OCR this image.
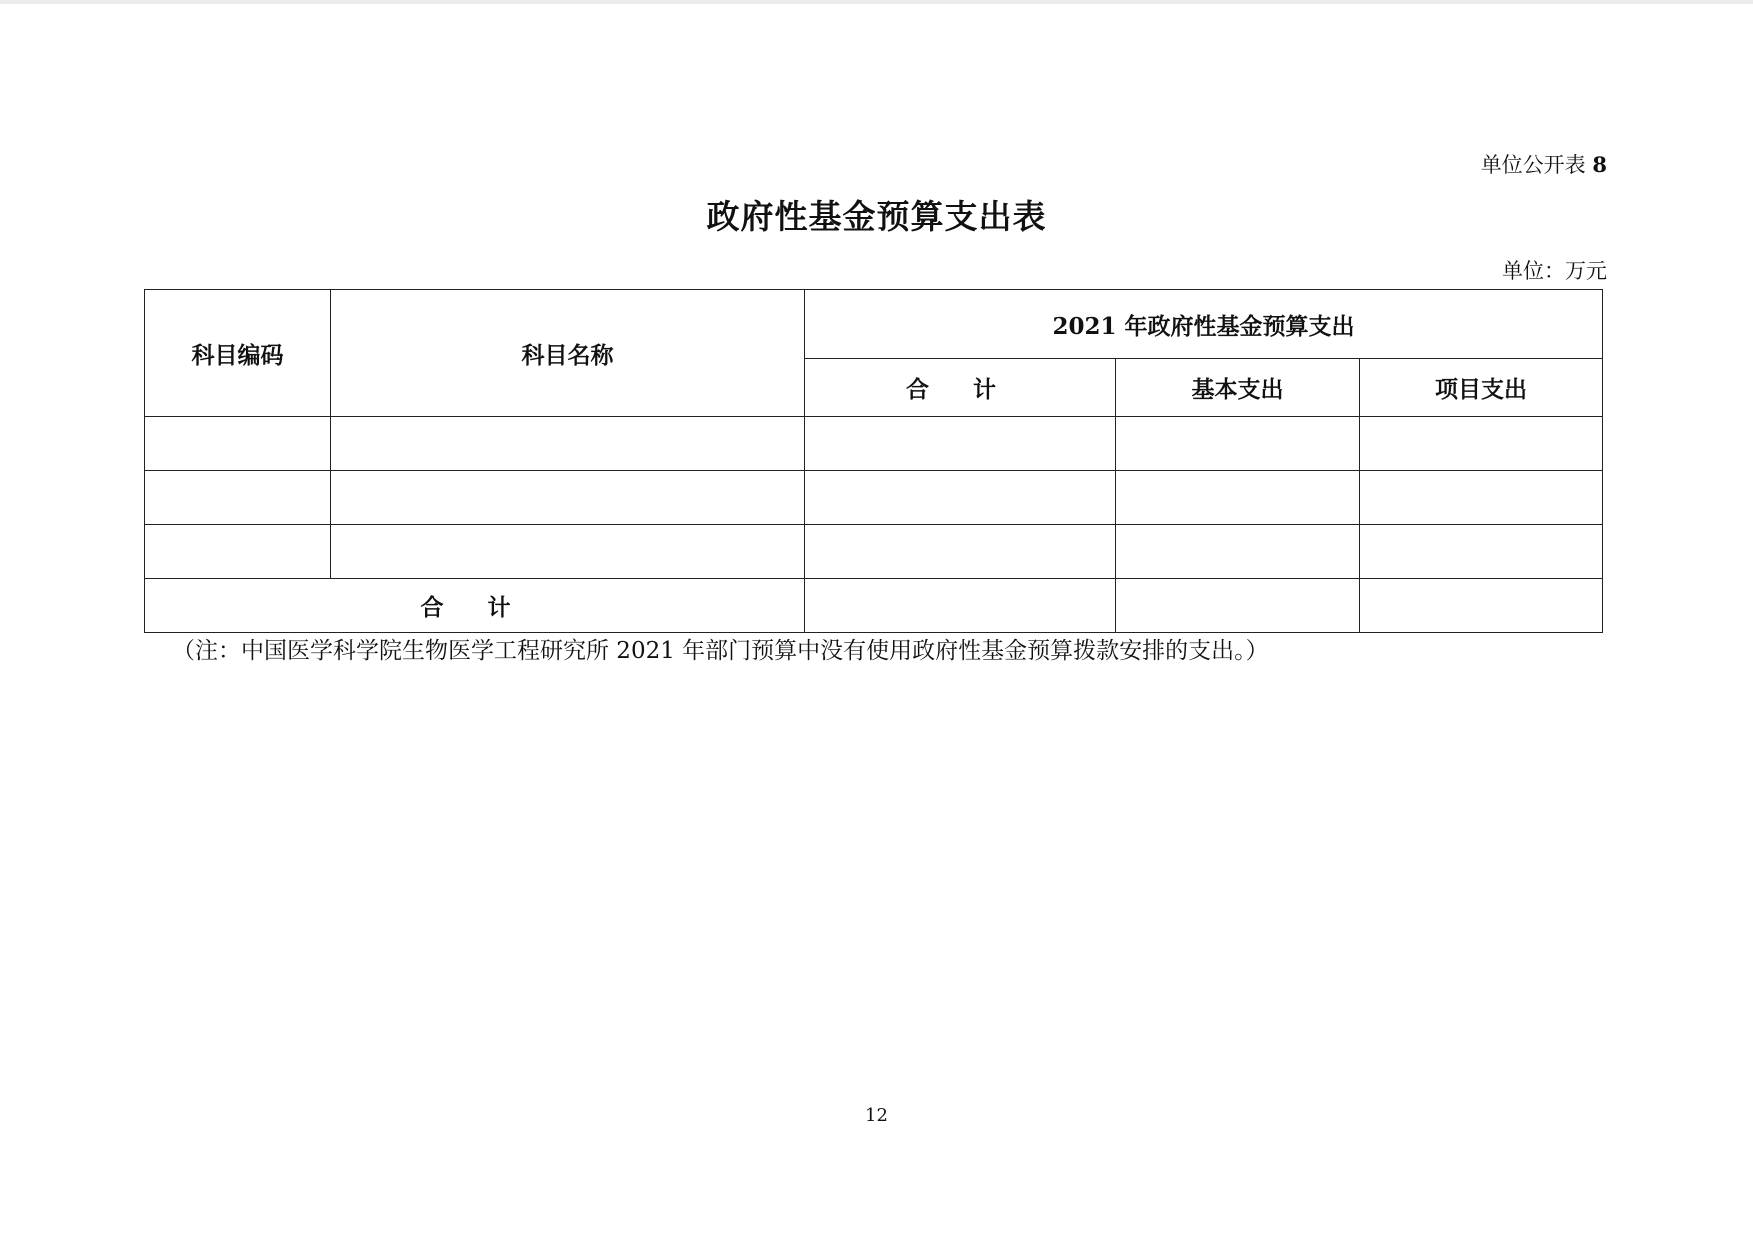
单位公开表 8
政府性基金预算支出表
单位：万元
科目编码	科目名称	2021 年政府性基金预算支出		
		合 计	基本支出	项目支出

合 计				
（注：中国医学科学院生物医学工程研究所 2021 年部门预算中没有使用政府性基金预算拨款安排的支出。）
12
